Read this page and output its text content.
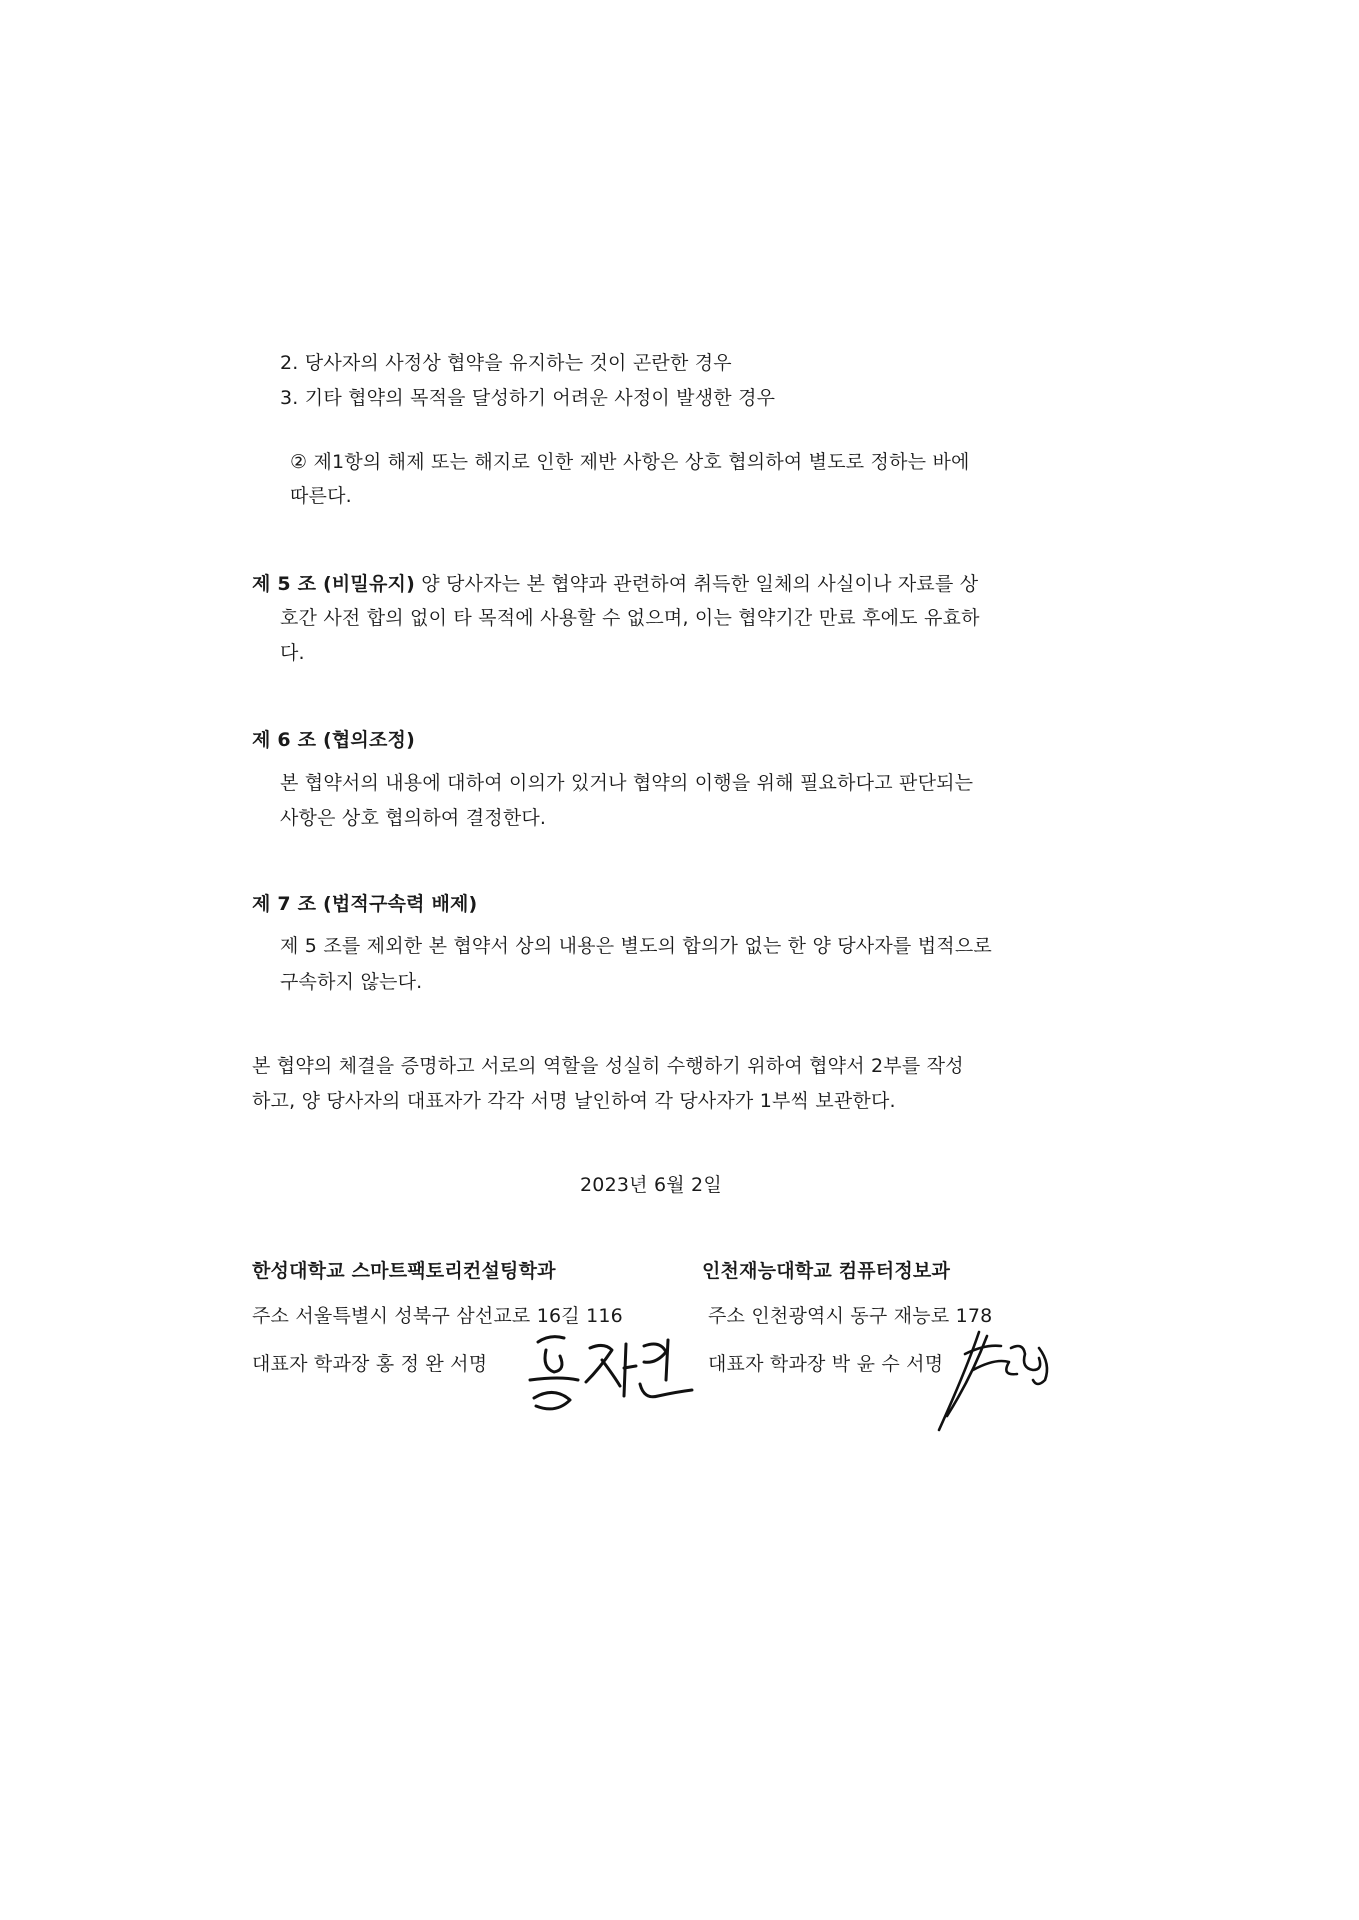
2. 당사자의 사정상 협약을 유지하는 것이 곤란한 경우
3. 기타 협약의 목적을 달성하기 어려운 사정이 발생한 경우
② 제1항의 해제 또는 해지로 인한 제반 사항은 상호 협의하여 별도로 정하는 바에
따른다.
제 5 조 (비밀유지) 양 당사자는 본 협약과 관련하여 취득한 일체의 사실이나 자료를 상
호간 사전 합의 없이 타 목적에 사용할 수 없으며, 이는 협약기간 만료 후에도 유효하
다.
제 6 조 (협의조정)
본 협약서의 내용에 대하여 이의가 있거나 협약의 이행을 위해 필요하다고 판단되는
사항은 상호 협의하여 결정한다.
제 7 조 (법적구속력 배제)
제 5 조를 제외한 본 협약서 상의 내용은 별도의 합의가 없는 한 양 당사자를 법적으로
구속하지 않는다.
본 협약의 체결을 증명하고 서로의 역할을 성실히 수행하기 위하여 협약서 2부를 작성
하고, 양 당사자의 대표자가 각각 서명 날인하여 각 당사자가 1부씩 보관한다.
2023년 6월 2일
한성대학교 스마트팩토리컨설팅학과
주소 서울특별시 성북구 삼선교로 16길 116
대표자 학과장 홍 정 완 서명
인천재능대학교 컴퓨터정보과
주소 인천광역시 동구 재능로 178
대표자 학과장 박 윤 수 서명
